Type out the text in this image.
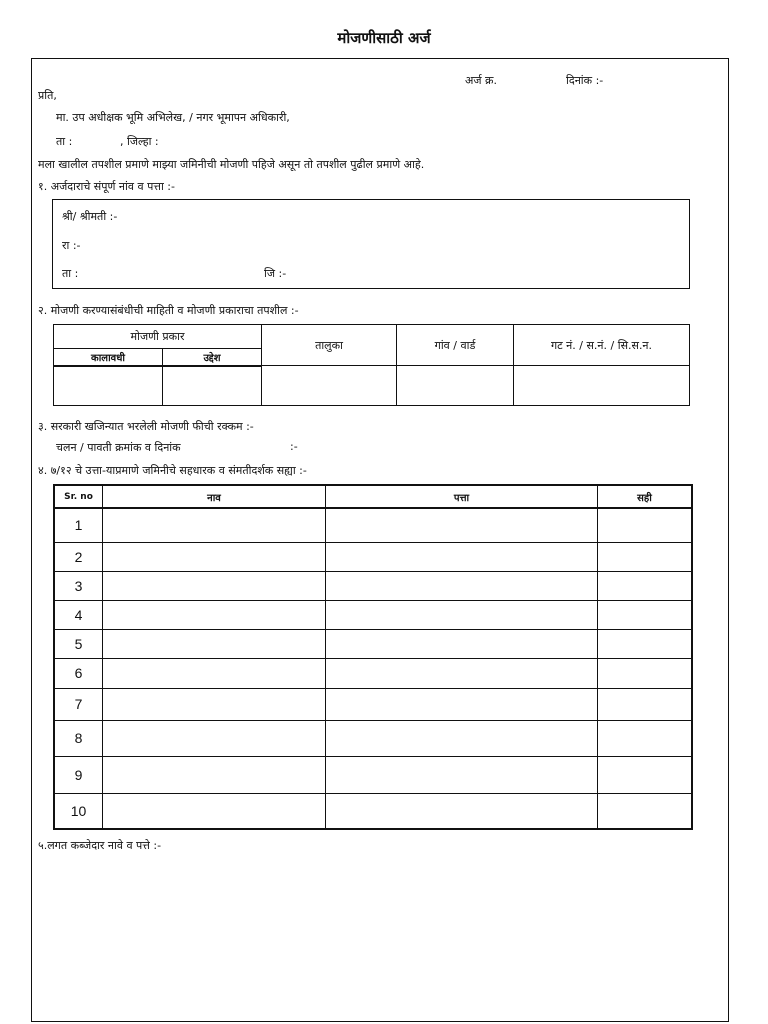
मोजणीसाठी अर्ज
अर्ज क्र.	दिनांक :-
प्रति,
मा. उप अधीक्षक भूमि अभिलेख, / नगर भूमापन अधिकारी,
ता :	, जिल्हा :
मला खालील तपशील प्रमाणे माझ्या जमिनीची मोजणी पहिजे असून तो तपशील पुढील प्रमाणे आहे.
१. अर्जदाराचे संपूर्ण नांव व पत्ता :-
श्री/ श्रीमती :-
रा :-
ता :	जि :-
२. मोजणी करण्यासंबंधीची माहिती व मोजणी प्रकाराचा तपशील :-
मोजणी प्रकार		तालुका	गांव / वार्ड	गट नं. / स.नं. / सि.स.न.
कालावधी	उद्देश			

३. सरकारी खजिन्यात भरलेली मोजणी फीची रक्कम :-
चलन / पावती क्रमांक व दिनांक	:-
४. ७/१२ चे उत्ता-याप्रमाणे जमिनीचे सहधारक व संमतीदर्शक सह्या :-
Sr. no	नाव	पत्ता	सही
1			
2			
3			
4			
5			
6			
7			
8			
9			
10			
५.लगत कब्जेदार नावे व पत्ते :-
